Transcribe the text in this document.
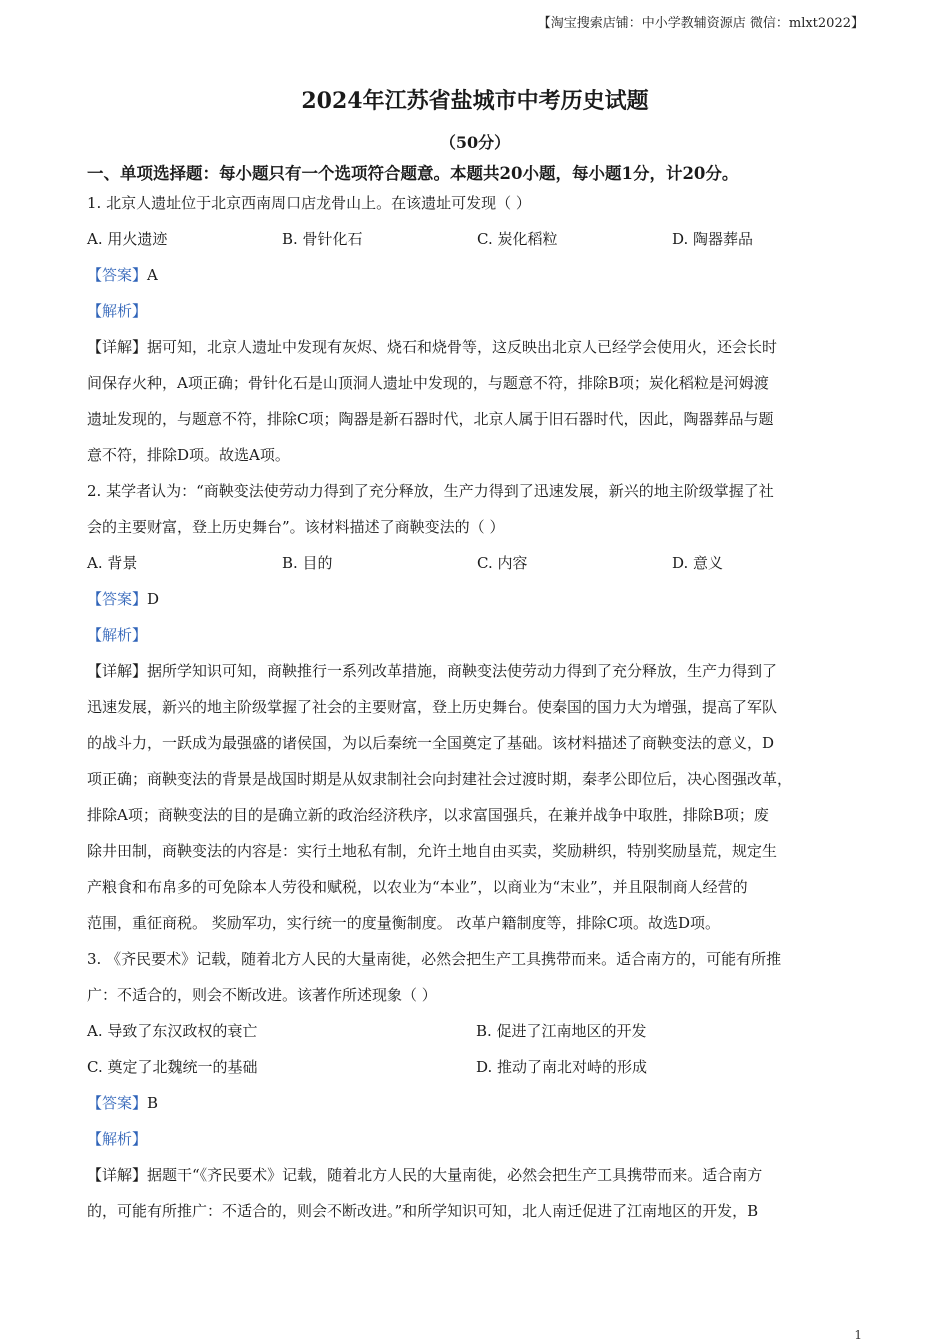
【淘宝搜索店铺：中小学教辅资源店 微信：mlxt2022】
2024年江苏省盐城市中考历史试题
（50分）
一、单项选择题：每小题只有一个选项符合题意。本题共20小题，每小题1分，计20分。
1. 北京人遗址位于北京西南周口店龙骨山上。在该遗址可发现（ ）
A. 用火遗迹	B. 骨针化石	C. 炭化稻粒	D. 陶器葬品
【答案】A
【解析】
【详解】据可知，北京人遗址中发现有灰烬、烧石和烧骨等，这反映出北京人已经学会使用火，还会长时
间保存火种，A项正确；骨针化石是山顶洞人遗址中发现的，与题意不符，排除B项；炭化稻粒是河姆渡
遗址发现的，与题意不符，排除C项；陶器是新石器时代，北京人属于旧石器时代，因此，陶器葬品与题
意不符，排除D项。故选A项。
2. 某学者认为：“商鞅变法使劳动力得到了充分释放，生产力得到了迅速发展，新兴的地主阶级掌握了社
会的主要财富，登上历史舞台”。该材料描述了商鞅变法的（ ）
A. 背景	B. 目的	C. 内容	D. 意义
【答案】D
【解析】
【详解】据所学知识可知，商鞅推行一系列改革措施，商鞅变法使劳动力得到了充分释放，生产力得到了
迅速发展，新兴的地主阶级掌握了社会的主要财富，登上历史舞台。使秦国的国力大为增强，提高了军队
的战斗力，一跃成为最强盛的诸侯国，为以后秦统一全国奠定了基础。该材料描述了商鞅变法的意义，D
项正确；商鞅变法的背景是战国时期是从奴隶制社会向封建社会过渡时期，秦孝公即位后，决心图强改革，
排除A项；商鞅变法的目的是确立新的政治经济秩序，以求富国强兵，在兼并战争中取胜，排除B项；废
除井田制，商鞅变法的内容是：实行土地私有制，允许土地自由买卖，奖励耕织，特别奖励垦荒，规定生
产粮食和布帛多的可免除本人劳役和赋税，以农业为“本业”，以商业为“末业”，并且限制商人经营的
范围，重征商税。 奖励军功，实行统一的度量衡制度。 改革户籍制度等，排除C项。故选D项。
3. 《齐民要术》记载，随着北方人民的大量南徙，必然会把生产工具携带而来。适合南方的，可能有所推
广：不适合的，则会不断改进。该著作所述现象（ ）
A. 导致了东汉政权的衰亡	B. 促进了江南地区的开发
C. 奠定了北魏统一的基础	D. 推动了南北对峙的形成
【答案】B
【解析】
【详解】据题干“《齐民要术》记载，随着北方人民的大量南徙，必然会把生产工具携带而来。适合南方
的，可能有所推广：不适合的，则会不断改进。”和所学知识可知，北人南迁促进了江南地区的开发，B
1
